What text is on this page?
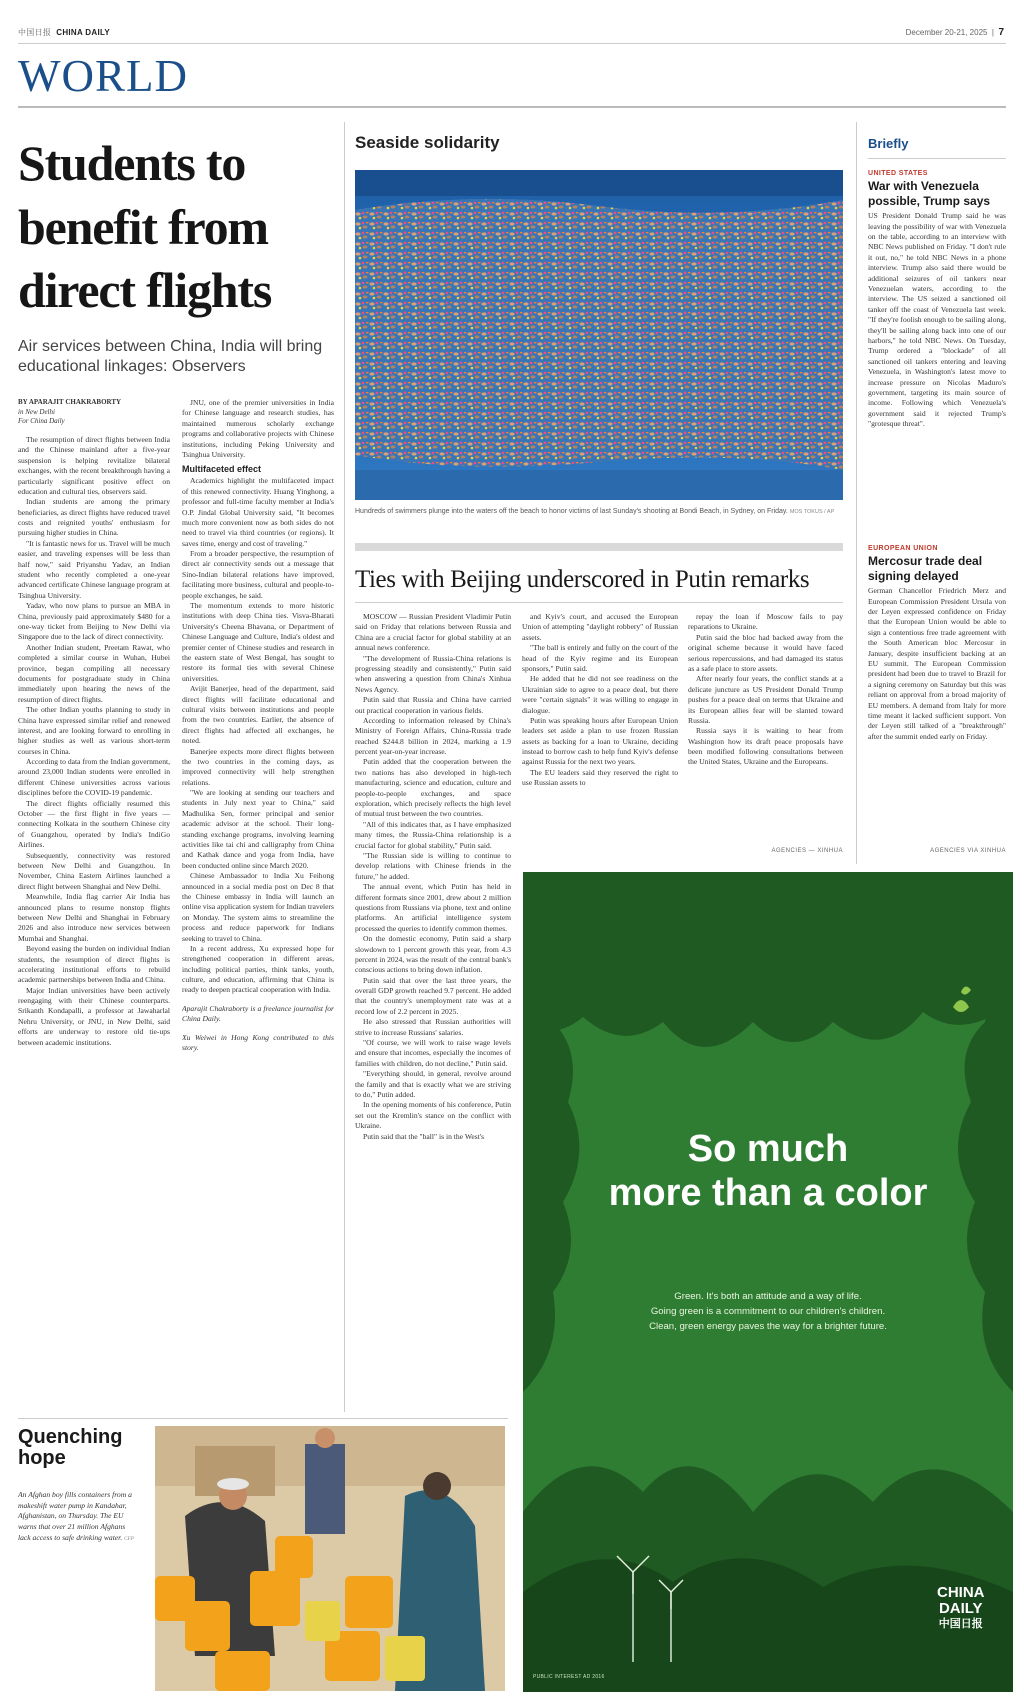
中国日报 CHINA DAILY	December 20-21, 2025  |  7
WORLD
Students to benefit from direct flights
Air services between China, India will bring educational linkages: Observers
BY APARAJIT CHAKRABORTY
in New Delhi
For China Daily

The resumption of direct flights between India and the Chinese mainland after a five-year suspension is helping revitalize bilateral exchanges, with the recent breakthrough having a particularly significant positive effect on education and cultural ties, observers said.

Indian students are among the primary beneficiaries, as direct flights have reduced travel costs and reignited youths' enthusiasm for pursuing higher studies in China.

"It is fantastic news for us. Travel will be much easier, and traveling expenses will be less than half now," said Priyanshu Yadav, an Indian student who recently completed a one-year advanced certificate Chinese language program at Tsinghua University.

Yadav, who now plans to pursue an MBA in China, previously paid approximately $480 for a one-way ticket from Beijing to New Delhi via Singapore due to the lack of direct connectivity.

Another Indian student, Preetam Rawat, who completed a similar course in Wuhan, Hubei province, began compiling all necessary documents for postgraduate study in China immediately upon hearing the news of the resumption of direct flights.

The other Indian youths planning to study in China have expressed similar relief and renewed interest, and are looking forward to enrolling in higher studies as well as various short-term courses in China.

According to data from the Indian government, around 23,000 Indian students were enrolled in different Chinese universities across various disciplines before the COVID-19 pandemic.

The direct flights officially resumed this October — the first flight in five years — connecting Kolkata in the southern Chinese city of Guangzhou, operated by India's IndiGo Airlines.

Subsequently, connectivity was restored between New Delhi and Guangzhou. In November, China Eastern Airlines launched a direct flight between Shanghai and New Delhi.

Meanwhile, India flag carrier Air India has announced plans to resume nonstop flights between New Delhi and Shanghai in February 2026 and also introduce new services between Mumbai and Shanghai.

Beyond easing the burden on individual Indian students, the resumption of direct flights is accelerating institutional efforts to rebuild academic partnerships between India and China.

Major Indian universities have been actively reengaging with their Chinese counterparts. Srikanth Kondapalli, a professor at Jawaharlal Nehru University, or JNU, in New Delhi, said efforts are underway to restore old tie-ups between academic institutions.

JNU, one of the premier universities in India for Chinese language and research studies, has maintained numerous scholarly exchange programs and collaborative projects with Chinese institutions, including Peking University and Tsinghua University.

Multifaceted effect

Academics highlight the multifaceted impact of this renewed connectivity. Huang Yinghong, a professor and full-time faculty member at India's O.P. Jindal Global University said, "It becomes much more convenient now as both sides do not need to travel via third countries (or regions). It saves time, energy and cost of traveling."

From a broader perspective, the resumption of direct air connectivity sends out a message that Sino-Indian bilateral relations have improved, facilitating more business, cultural and people-to-people exchanges, he said.

The momentum extends to more historic institutions with deep China ties. Visva-Bharati University's Cheena Bhavana, or Department of Chinese Language and Culture, India's oldest and premier center of Chinese studies and research in the eastern state of West Bengal, has sought to restore its formal ties with several Chinese universities.

Avijit Banerjee, head of the department, said direct flights will facilitate educational and cultural visits between institutions and people from the two countries. Earlier, the absence of direct flights had affected all exchanges, he noted.

Banerjee expects more direct flights between the two countries in the coming days, as improved connectivity will help strengthen relations.

"We are looking at sending our teachers and students in July next year to China," said Madhulika Sen, former principal and senior academic advisor at the school. Their long-standing exchange programs, involving learning activities like tai chi and calligraphy from China and Kathak dance and yoga from India, have been conducted online since March 2020.

Chinese Ambassador to India Xu Feihong announced in a social media post on Dec 8 that the Chinese embassy in India will launch an online visa application system for Indian travelers on Monday. The system aims to streamline the process and reduce paperwork for Indians seeking to travel to China.

In a recent address, Xu expressed hope for strengthened cooperation in different areas, including political parties, think tanks, youth, culture, and education, affirming that China is ready to deepen practical cooperation with India.

Aparajit Chakraborty is a freelance journalist for China Daily.

Xu Weiwei in Hong Kong contributed to this story.

Seaside solidarity
Hundreds of swimmers plunge into the waters off the beach to honor victims of last Sunday's shooting at Bondi Beach, in Sydney, on Friday. MOS TOKUS / AP
Ties with Beijing underscored in Putin remarks

MOSCOW — Russian President Vladimir Putin said on Friday that relations between Russia and China are a crucial factor for global stability at an annual news conference.

"The development of Russia-China relations is progressing steadily and consistently," Putin said when answering a question from China's Xinhua News Agency.

Putin said that Russia and China have carried out practical cooperation in various fields.

According to information released by China's Ministry of Foreign Affairs, China-Russia trade reached $244.8 billion in 2024, marking a 1.9 percent year-on-year increase.

Putin added that the cooperation between the two nations has also developed in high-tech manufacturing, science and education, culture and people-to-people exchanges, and space exploration, which precisely reflects the high level of mutual trust between the two countries.

"All of this indicates that, as I have emphasized many times, the Russia-China relationship is a crucial factor for global stability," Putin said.

"The Russian side is willing to continue to develop relations with Chinese friends in the future," he added.

The annual event, which Putin has held in different formats since 2001, drew about 2 million questions from Russians via phone, text and online platforms. An artificial intelligence system processed the queries to identify common themes.

On the domestic economy, Putin said a sharp slowdown to 1 percent growth this year, from 4.3 percent in 2024, was the result of the central bank's conscious actions to bring down inflation.

Putin said that over the last three years, the overall GDP growth reached 9.7 percent. He added that the country's unemployment rate was at a record low of 2.2 percent in 2025.

He also stressed that Russian authorities will strive to increase Russians' salaries.

"Of course, we will work to raise wage levels and ensure that incomes, especially the incomes of families with children, do not decline," Putin said.

"Everything should, in general, revolve around the family and that is exactly what we are striving to do," Putin added.

In the opening moments of his conference, Putin set out the Kremlin's stance on the conflict with Ukraine.

Putin said that the "ball" is in the West's

and Kyiv's court, and accused the European Union of attempting "daylight robbery" of Russian assets.

"The ball is entirely and fully on the court of the head of the Kyiv regime and its European sponsors," Putin said.

He added that he did not see readiness on the Ukrainian side to agree to a peace deal, but there were "certain signals" it was willing to engage in dialogue.

Putin was speaking hours after European Union leaders set aside a plan to use frozen Russian assets as backing for a loan to Ukraine, deciding instead to borrow cash to help fund Kyiv's defense against Russia for the next two years.

The EU leaders said they reserved the right to use Russian assets to

repay the loan if Moscow fails to pay reparations to Ukraine.

Putin said the bloc had backed away from the original scheme because it would have faced serious repercussions, and had damaged its status as a safe place to store assets.

After nearly four years, the conflict stands at a delicate juncture as US President Donald Trump pushes for a peace deal on terms that Ukraine and its European allies fear will be slanted toward Russia.

Russia says it is waiting to hear from Washington how its draft peace proposals have been modified following consultations between the United States, Ukraine and the Europeans.

AGENCIES — XINHUA
Briefly
UNITED STATES
War with Venezuela possible, Trump says

US President Donald Trump said he was leaving the possibility of war with Venezuela on the table, according to an interview with NBC News published on Friday. "I don't rule it out, no," he told NBC News in a phone interview. Trump also said there would be additional seizures of oil tankers near Venezuelan waters, according to the interview. The US seized a sanctioned oil tanker off the coast of Venezuela last week. "If they're foolish enough to be sailing along, they'll be sailing along back into one of our harbors," he told NBC News. On Tuesday, Trump ordered a "blockade" of all sanctioned oil tankers entering and leaving Venezuela, in Washington's latest move to increase pressure on Nicolas Maduro's government, targeting its main source of income. Following which Venezuela's government said it rejected Trump's "grotesque threat".

EUROPEAN UNION
Mercosur trade deal signing delayed

German Chancellor Friedrich Merz and European Commission President Ursula von der Leyen expressed confidence on Friday that the European Union would be able to sign a contentious free trade agreement with the South American bloc Mercosur in January, despite insufficient backing at an EU summit. The European Commission president had been due to travel to Brazil for a signing ceremony on Saturday but this was reliant on approval from a broad majority of EU members. A demand from Italy for more time meant it lacked sufficient support. Von der Leyen still talked of a "breakthrough" after the summit ended early on Friday.

AGENCIES VIA XINHUA
So much
more than a color
Green. It's both an attitude and a way of life.
Going green is a commitment to our children's children.
Clean, green energy paves the way for a brighter future.
CHINA
DAILY
中国日报
PUBLIC INTEREST AD 2016
Quenching
hope
An Afghan boy fills containers from a makeshift water pump in Kandahar, Afghanistan, on Thursday. The EU warns that over 21 million Afghans lack access to safe drinking water. CFP
